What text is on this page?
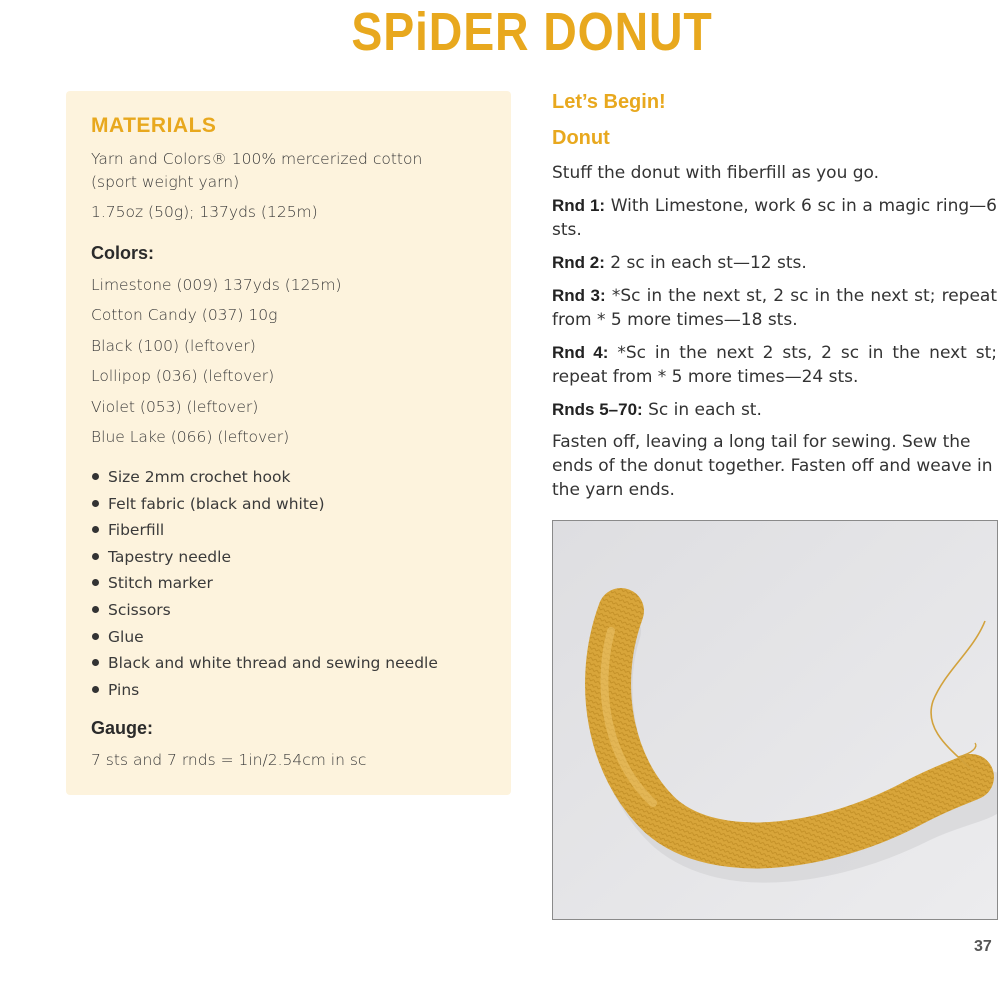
SPiDER DONUT
MATERIALS
Yarn and Colors® 100% mercerized cotton
(sport weight yarn)
1.75oz (50g); 137yds (125m)
Colors:
Limestone (009) 137yds (125m)
Cotton Candy (037) 10g
Black (100) (leftover)
Lollipop (036) (leftover)
Violet (053) (leftover)
Blue Lake (066) (leftover)
Size 2mm crochet hook
Felt fabric (black and white)
Fiberfill
Tapestry needle
Stitch marker
Scissors
Glue
Black and white thread and sewing needle
Pins
Gauge:
7 sts and 7 rnds = 1in/2.54cm in sc
Let’s Begin!
Donut
Stuff the donut with fiberfill as you go.
Rnd 1: With Limestone, work 6 sc in a magic ring—6 sts.
Rnd 2: 2 sc in each st—12 sts.
Rnd 3: *Sc in the next st, 2 sc in the next st; repeat from * 5 more times—18 sts.
Rnd 4: *Sc in the next 2 sts, 2 sc in the next st; repeat from * 5 more times—24 sts.
Rnds 5–70: Sc in each st.
Fasten off, leaving a long tail for sewing. Sew the ends of the donut together. Fasten off and weave in the yarn ends.
37
